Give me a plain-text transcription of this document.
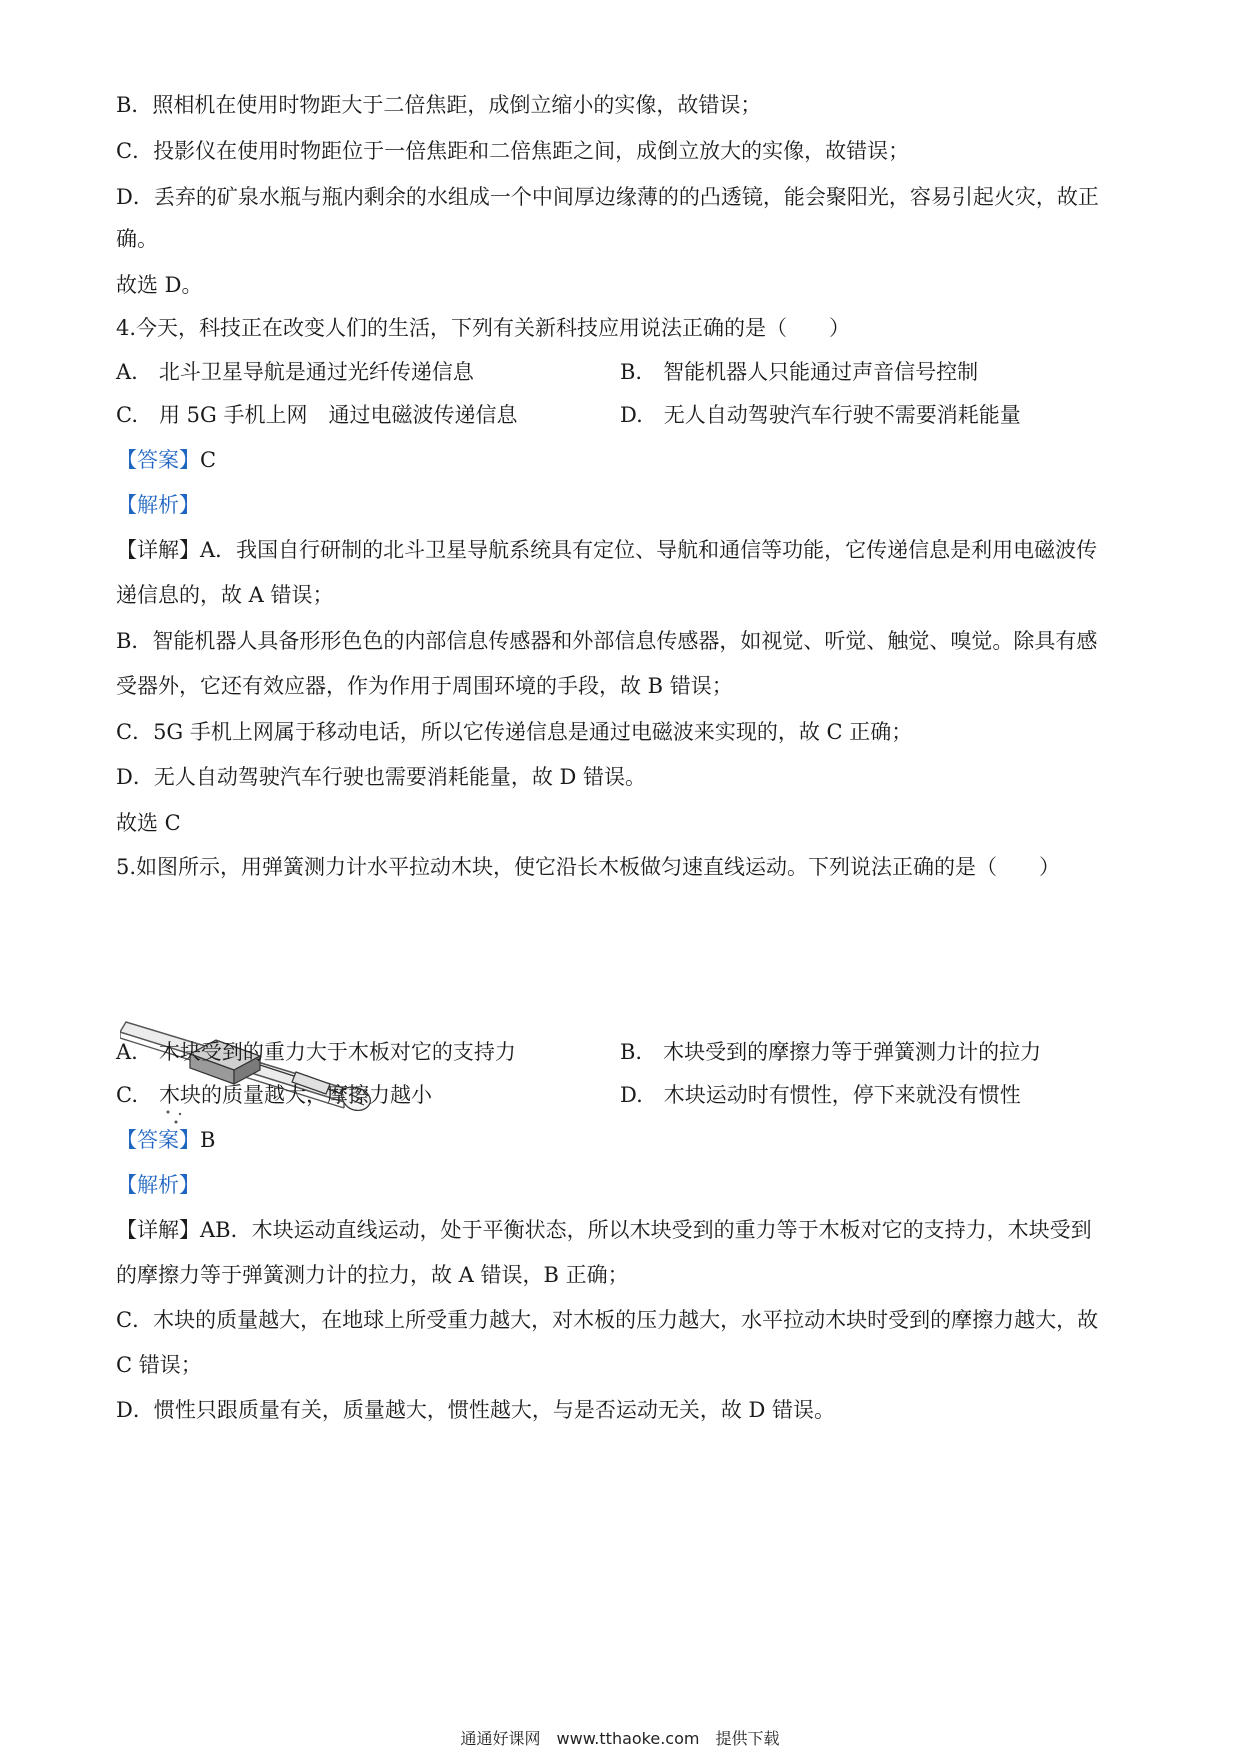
B．照相机在使用时物距大于二倍焦距，成倒立缩小的实像，故错误；
C．投影仪在使用时物距位于一倍焦距和二倍焦距之间，成倒立放大的实像，故错误；
D．丢弃的矿泉水瓶与瓶内剩余的水组成一个中间厚边缘薄的的凸透镜，能会聚阳光，容易引起火灾，故正
确。
故选 D。
4.今天，科技正在改变人们的生活，下列有关新科技应用说法正确的是（　　）
A.　北斗卫星导航是通过光纤传递信息	B.　智能机器人只能通过声音信号控制
C.　用 5G 手机上网　通过电磁波传递信息	D.　无人自动驾驶汽车行驶不需要消耗能量
【答案】C
【解析】
【详解】A．我国自行研制的北斗卫星导航系统具有定位、导航和通信等功能，它传递信息是利用电磁波传
递信息的，故 A 错误；
B．智能机器人具备形形色色的内部信息传感器和外部信息传感器，如视觉、听觉、触觉、嗅觉。除具有感
受器外，它还有效应器，作为作用于周围环境的手段，故 B 错误；
C．5G 手机上网属于移动电话，所以它传递信息是通过电磁波来实现的，故 C 正确；
D．无人自动驾驶汽车行驶也需要消耗能量，故 D 错误。
故选 C
5.如图所示，用弹簧测力计水平拉动木块，使它沿长木板做匀速直线运动。下列说法正确的是（　　）
A.　木块受到的重力大于木板对它的支持力	B.　木块受到的摩擦力等于弹簧测力计的拉力
C.　木块的质量越大，摩擦力越小	D.　木块运动时有惯性，停下来就没有惯性
【答案】B
【解析】
【详解】AB．木块运动直线运动，处于平衡状态，所以木块受到的重力等于木板对它的支持力，木块受到
的摩擦力等于弹簧测力计的拉力，故 A 错误，B 正确；
C．木块的质量越大，在地球上所受重力越大，对木板的压力越大，水平拉动木块时受到的摩擦力越大，故
C 错误；
D．惯性只跟质量有关，质量越大，惯性越大，与是否运动无关，故 D 错误。
通通好课网　www.tthaoke.com　提供下载
